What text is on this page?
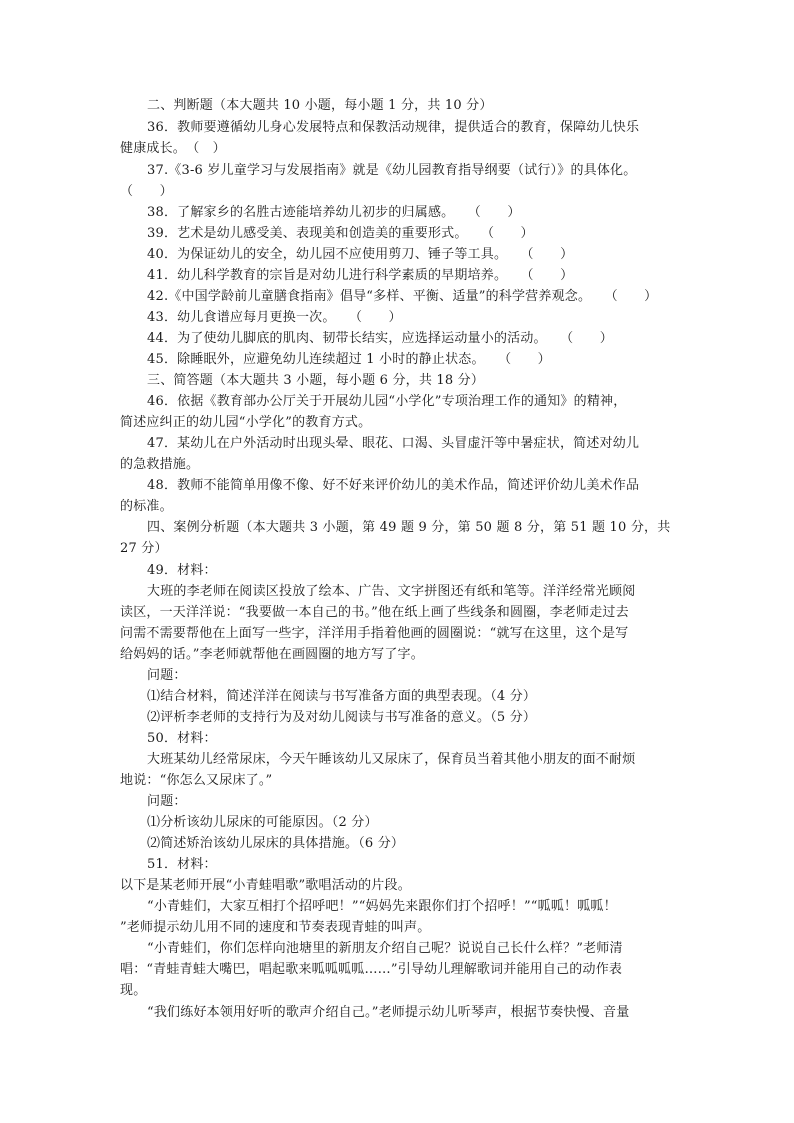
二、判断题（本大题共 10 小题，每小题 1 分，共 10 分）
36．教师要遵循幼儿身心发展特点和保教活动规律，提供适合的教育，保障幼儿快乐
健康成长。　（　）
37.《3-6 岁儿童学习与发展指南》就是《幼儿园教育指导纲要（试行）》的具体化。
（　　）
38．了解家乡的名胜古迹能培养幼儿初步的归属感。　　（　　）
39．艺术是幼儿感受美、表现美和创造美的重要形式。　　（　　）
40．为保证幼儿的安全，幼儿园不应使用剪刀、锤子等工具。　　（　　）
41．幼儿科学教育的宗旨是对幼儿进行科学素质的早期培养。　　（　　）
42.《中国学龄前儿童膳食指南》倡导“多样、平衡、适量”的科学营养观念。　　（　　）
43．幼儿食谱应每月更换一次。　　（　　）
44．为了使幼儿脚底的肌肉、韧带长结实，应选择运动量小的活动。　　（　　）
45．除睡眠外，应避免幼儿连续超过 1 小时的静止状态。　　（　　）
三、简答题（本大题共 3 小题，每小题 6 分，共 18 分）
46．依据《教育部办公厅关于开展幼儿园“小学化”专项治理工作的通知》的精神，
简述应纠正的幼儿园“小学化”的教育方式。
47．某幼儿在户外活动时出现头晕、眼花、口渴、头冒虚汗等中暑症状，简述对幼儿
的急救措施。
48．教师不能简单用像不像、好不好来评价幼儿的美术作品，简述评价幼儿美术作品
的标准。
四、案例分析题（本大题共 3 小题，第 49 题 9 分，第 50 题 8 分，第 51 题 10 分，共
27 分）
49．材料：
大班的李老师在阅读区投放了绘本、广告、文字拼图还有纸和笔等。洋洋经常光顾阅
读区，一天洋洋说：“我要做一本自己的书。”他在纸上画了些线条和圆圈，李老师走过去
问需不需要帮他在上面写一些字，洋洋用手指着他画的圆圈说：“就写在这里，这个是写
给妈妈的话。”李老师就帮他在画圆圈的地方写了字。
问题：
⑴结合材料，简述洋洋在阅读与书写准备方面的典型表现。（4 分）
⑵评析李老师的支持行为及对幼儿阅读与书写准备的意义。（5 分）
50．材料：
大班某幼儿经常尿床，今天午睡该幼儿又尿床了，保育员当着其他小朋友的面不耐烦
地说：“你怎么又尿床了。”
问题：
⑴分析该幼儿尿床的可能原因。（2 分）
⑵简述矫治该幼儿尿床的具体措施。（6 分）
51．材料：
以下是某老师开展“小青蛙唱歌”歌唱活动的片段。
“小青蛙们，大家互相打个招呼吧！”“妈妈先来跟你们打个招呼！”“呱呱！呱呱！
”老师提示幼儿用不同的速度和节奏表现青蛙的叫声。
“小青蛙们，你们怎样向池塘里的新朋友介绍自己呢？说说自己长什么样？”老师清
唱：“青蛙青蛙大嘴巴，唱起歌来呱呱呱呱……”引导幼儿理解歌词并能用自己的动作表
现。
“我们练好本领用好听的歌声介绍自己。”老师提示幼儿听琴声，根据节奏快慢、音量
